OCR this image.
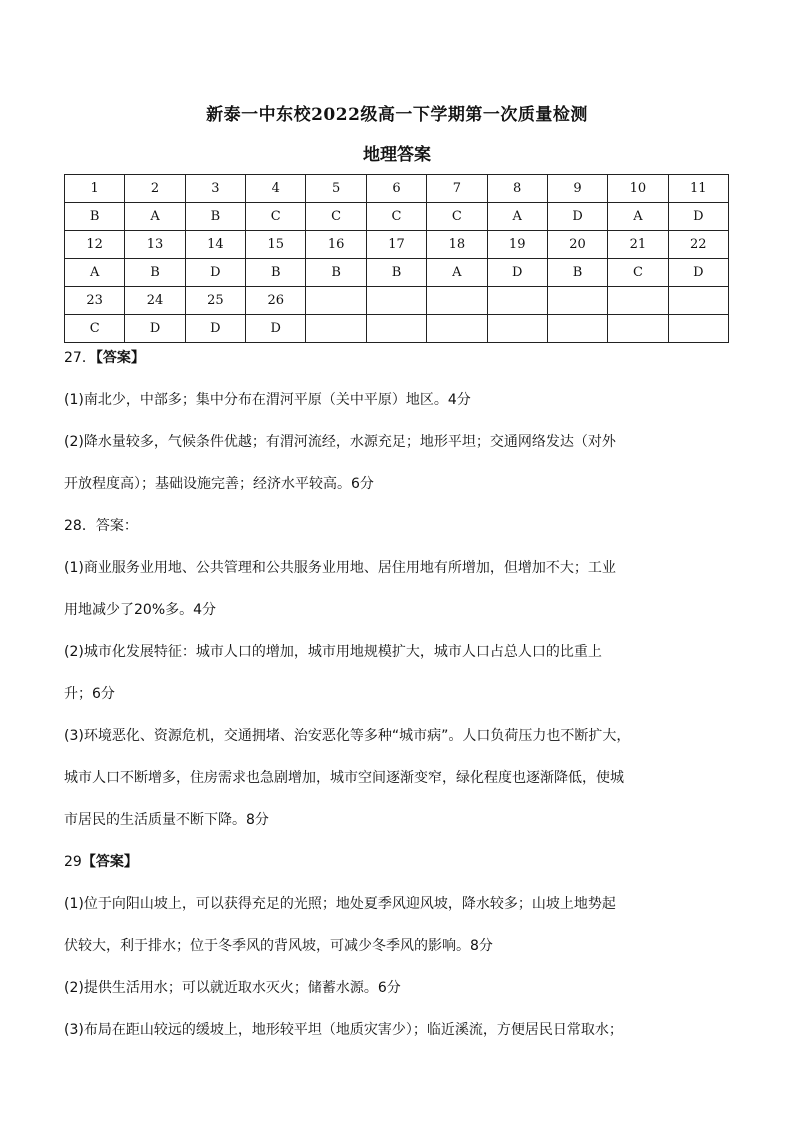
新泰一中东校2022级高一下学期第一次质量检测
地理答案
1	2	3	4	5	6	7	8	9	10	11
B	A	B	C	C	C	C	A	D	A	D
12	13	14	15	16	17	18	19	20	21	22
A	B	D	B	B	B	A	D	B	C	D
23	24	25	26							
C	D	D	D							
27．【答案】
(1)南北少，中部多；集中分布在渭河平原（关中平原）地区。4分
(2)降水量较多，气候条件优越；有渭河流经，水源充足；地形平坦；交通网络发达（对外
开放程度高）；基础设施完善；经济水平较高。6分
28．答案：
(1)商业服务业用地、公共管理和公共服务业用地、居住用地有所增加，但增加不大；工业
用地减少了20%多。4分
(2)城市化发展特征：城市人口的增加，城市用地规模扩大，城市人口占总人口的比重上
升；6分
(3)环境恶化、资源危机，交通拥堵、治安恶化等多种“城市病”。人口负荷压力也不断扩大，
城市人口不断增多，住房需求也急剧增加，城市空间逐渐变窄，绿化程度也逐渐降低，使城
市居民的生活质量不断下降。8分
29【答案】
(1)位于向阳山坡上，可以获得充足的光照；地处夏季风迎风坡，降水较多；山坡上地势起
伏较大，利于排水；位于冬季风的背风坡，可减少冬季风的影响。8分
(2)提供生活用水；可以就近取水灭火；储蓄水源。6分
(3)布局在距山较远的缓坡上，地形较平坦（地质灾害少）；临近溪流，方便居民日常取水；
